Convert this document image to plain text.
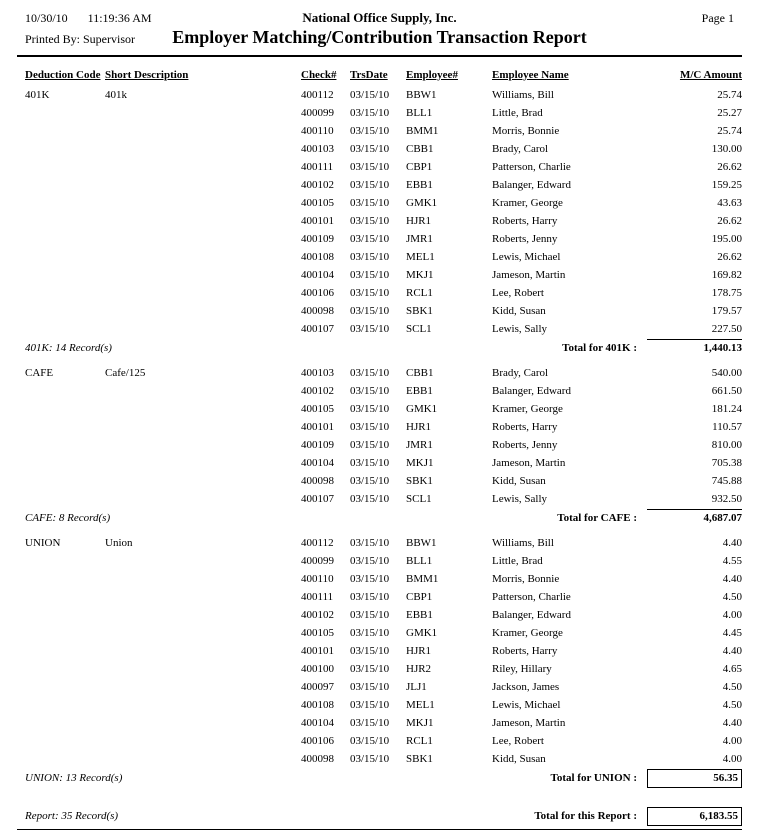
10/30/10 11:19:36 AM	National Office Supply, Inc.	Page 1
Printed By: Supervisor	Employer Matching/Contribution Transaction Report
Deduction Code	Short Description	Check#	TrsDate	Employee#	Employee Name	M/C Amount
401K	401k	400112	03/15/10	BBW1	Williams, Bill	25.74
		400099	03/15/10	BLL1	Little, Brad	25.27
		400110	03/15/10	BMM1	Morris, Bonnie	25.74
		400103	03/15/10	CBB1	Brady, Carol	130.00
		400111	03/15/10	CBP1	Patterson, Charlie	26.62
		400102	03/15/10	EBB1	Balanger, Edward	159.25
		400105	03/15/10	GMK1	Kramer, George	43.63
		400101	03/15/10	HJR1	Roberts, Harry	26.62
		400109	03/15/10	JMR1	Roberts, Jenny	195.00
		400108	03/15/10	MEL1	Lewis, Michael	26.62
		400104	03/15/10	MKJ1	Jameson, Martin	169.82
		400106	03/15/10	RCL1	Lee, Robert	178.75
		400098	03/15/10	SBK1	Kidd, Susan	179.57
		400107	03/15/10	SCL1	Lewis, Sally	227.50
401K: 14 Record(s)		Total for 401K :				1,440.13

CAFE	Cafe/125	400103	03/15/10	CBB1	Brady, Carol	540.00
		400102	03/15/10	EBB1	Balanger, Edward	661.50
		400105	03/15/10	GMK1	Kramer, George	181.24
		400101	03/15/10	HJR1	Roberts, Harry	110.57
		400109	03/15/10	JMR1	Roberts, Jenny	810.00
		400104	03/15/10	MKJ1	Jameson, Martin	705.38
		400098	03/15/10	SBK1	Kidd, Susan	745.88
		400107	03/15/10	SCL1	Lewis, Sally	932.50
CAFE: 8 Record(s)		Total for CAFE :				4,687.07

UNION	Union	400112	03/15/10	BBW1	Williams, Bill	4.40
		400099	03/15/10	BLL1	Little, Brad	4.55
		400110	03/15/10	BMM1	Morris, Bonnie	4.40
		400111	03/15/10	CBP1	Patterson, Charlie	4.50
		400102	03/15/10	EBB1	Balanger, Edward	4.00
		400105	03/15/10	GMK1	Kramer, George	4.45
		400101	03/15/10	HJR1	Roberts, Harry	4.40
		400100	03/15/10	HJR2	Riley, Hillary	4.65
		400097	03/15/10	JLJ1	Jackson, James	4.50
		400108	03/15/10	MEL1	Lewis, Michael	4.50
		400104	03/15/10	MKJ1	Jameson, Martin	4.40
		400106	03/15/10	RCL1	Lee, Robert	4.00
		400098	03/15/10	SBK1	Kidd, Susan	4.00
UNION: 13 Record(s)		Total for UNION :				56.35

Report: 35 Record(s)		Total for this Report :				6,183.55
